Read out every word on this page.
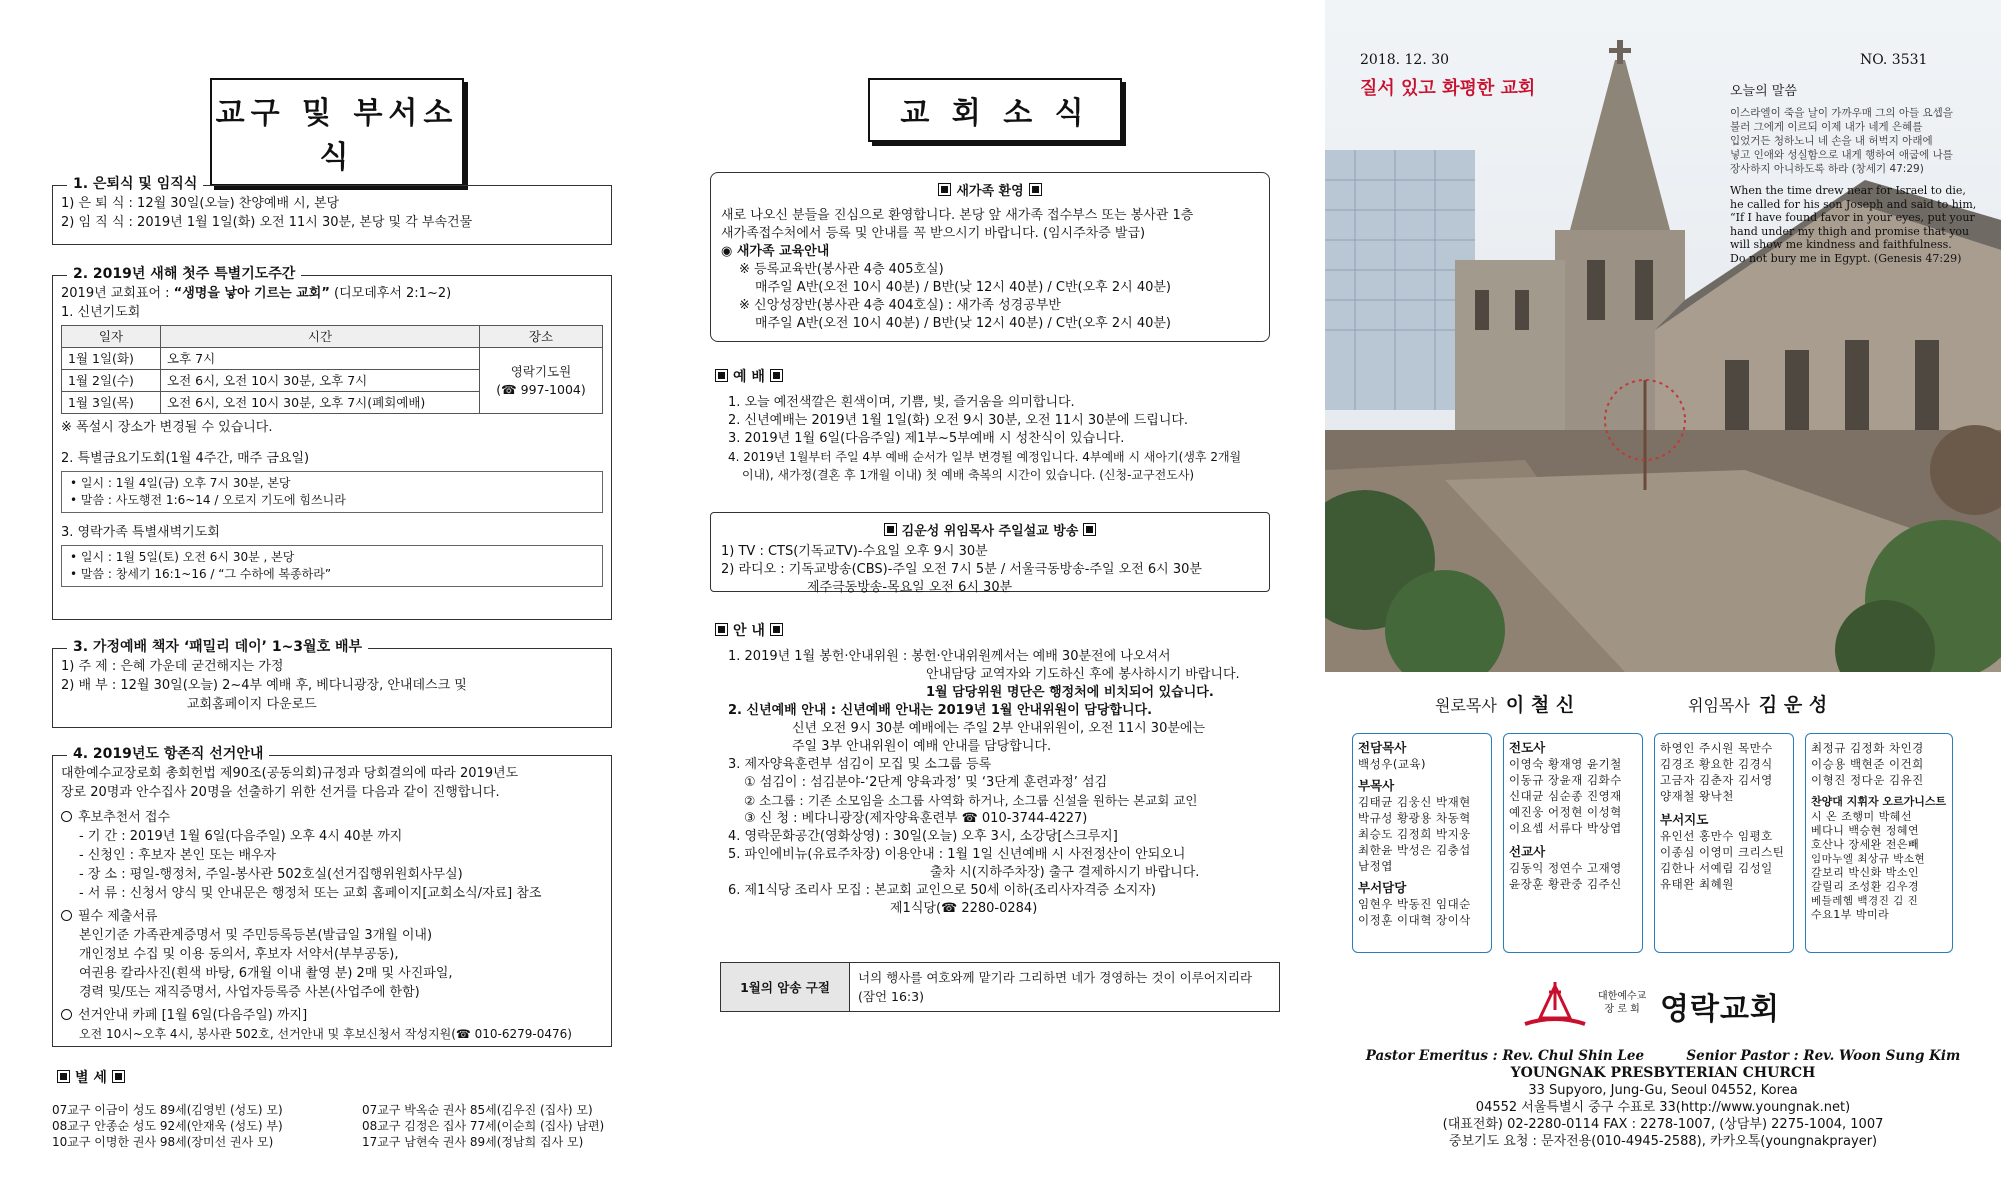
교구 및 부서소식
1. 은퇴식 및 임직식
1) 은 퇴 식 : 12월 30일(오늘) 찬양예배 시, 본당
2) 임 직 식 : 2019년 1월 1일(화) 오전 11시 30분, 본당 및 각 부속건물
2. 2019년 새해 첫주 특별기도주간
2019년 교회표어 : “생명을 낳아 기르는 교회” (디모데후서 2:1~2)
1. 신년기도회
일자	시간	장소
1월 1일(화)	오후 7시	영락기도원
(☎ 997-1004)

1월 2일(수)	오전 6시, 오전 10시 30분, 오후 7시	
1월 3일(목)	오전 6시, 오전 10시 30분, 오후 7시(폐회예배)	
※ 폭설시 장소가 변경될 수 있습니다.
2. 특별금요기도회(1월 4주간, 매주 금요일)
• 일시 : 1월 4일(금) 오후 7시 30분, 본당
• 말씀 : 사도행전 1:6~14 / 오로지 기도에 힘쓰니라
3. 영락가족 특별새벽기도회
• 일시 : 1월 5일(토) 오전 6시 30분 , 본당
• 말씀 : 창세기 16:1~16 / “그 수하에 복종하라”
3. 가정예배 책자 ‘패밀리 데이’ 1~3월호 배부
1) 주 제 : 은혜 가운데 굳건해지는 가정
2) 배 부 : 12월 30일(오늘) 2~4부 예배 후, 베다니광장, 안내데스크 및
교회홈페이지 다운로드
4. 2019년도 항존직 선거안내
대한예수교장로회 총회헌법 제90조(공동의회)규정과 당회결의에 따라 2019년도
장로 20명과 안수집사 20명을 선출하기 위한 선거를 다음과 같이 진행합니다.
후보추천서 접수
- 기 간 : 2019년 1월 6일(다음주일) 오후 4시 40분 까지
- 신청인 : 후보자 본인 또는 배우자
- 장 소 : 평일-행정처, 주일-봉사관 502호실(선거집행위원회사무실)
- 서 류 : 신청서 양식 및 안내문은 행정처 또는 교회 홈페이지[교회소식/자료] 참조
필수 제출서류
본인기준 가족관계증명서 및 주민등록등본(발급일 3개월 이내)
개인정보 수집 및 이용 동의서, 후보자 서약서(부부공동),
여권용 칼라사진(흰색 바탕, 6개월 이내 촬영 분) 2매 및 사진파일,
경력 및/또는 재직증명서, 사업자등록증 사본(사업주에 한함)
선거안내 카페 [1월 6일(다음주일) 까지]
오전 10시~오후 4시, 봉사관 502호, 선거안내 및 후보신청서 작성지원(☎ 010-6279-0476)
별 세
07교구 이금이 성도 89세(김영빈 (성도) 모)
08교구 안종순 성도 92세(안재욱 (성도) 부)
10교구 이명한 권사 98세(장미선 권사 모)
07교구 박옥순 권사 85세(김우진 (집사) 모)
08교구 김정은 집사 77세(이순희 (집사) 남편)
17교구 남현숙 권사 89세(정남희 집사 모)
교 회 소 식
새가족 환영
새로 나오신 분들을 진심으로 환영합니다. 본당 앞 새가족 접수부스 또는 봉사관 1층
새가족접수처에서 등록 및 안내를 꼭 받으시기 바랍니다. (임시주차증 발급)
◉ 새가족 교육안내
※ 등록교육반(봉사관 4층 405호실)
매주일 A반(오전 10시 40분) / B반(낮 12시 40분) / C반(오후 2시 40분)
※ 신앙성장반(봉사관 4층 404호실) : 새가족 성경공부반
매주일 A반(오전 10시 40분) / B반(낮 12시 40분) / C반(오후 2시 40분)
예 배
1. 오늘 예전색깔은 흰색이며, 기쁨, 빛, 즐거움을 의미합니다.
2. 신년예배는 2019년 1월 1일(화) 오전 9시 30분, 오전 11시 30분에 드립니다.
3. 2019년 1월 6일(다음주일) 제1부~5부예배 시 성찬식이 있습니다.
4. 2019년 1월부터 주일 4부 예배 순서가 일부 변경될 예정입니다. 4부예배 시 새아기(생후 2개월
이내), 새가정(결혼 후 1개월 이내) 첫 예배 축복의 시간이 있습니다. (신청-교구전도사)
김운성 위임목사 주일설교 방송
1) TV : CTS(기독교TV)-수요일 오후 9시 30분
2) 라디오 : 기독교방송(CBS)-주일 오전 7시 5분 / 서울극동방송-주일 오전 6시 30분
제주극동방송-목요일 오전 6시 30분
안 내
1. 2019년 1월 봉헌·안내위원 : 봉헌·안내위원께서는 예배 30분전에 나오셔서
안내담당 교역자와 기도하신 후에 봉사하시기 바랍니다.
1월 담당위원 명단은 행정처에 비치되어 있습니다.
2. 신년예배 안내 : 신년예배 안내는 2019년 1월 안내위원이 담당합니다.
신년 오전 9시 30분 예배에는 주일 2부 안내위원이, 오전 11시 30분에는
주일 3부 안내위원이 예배 안내를 담당합니다.
3. 제자양육훈련부 섬김이 모집 및 소그룹 등록
① 섬김이 : 섬김분야-‘2단계 양육과정’ 및 ‘3단계 훈련과정’ 섬김
② 소그룹 : 기존 소모임을 소그룹 사역화 하거나, 소그룹 신설을 원하는 본교회 교인
③ 신 청 : 베다니광장(제자양육훈련부 ☎ 010-3744-4227)
4. 영락문화공간(영화상영) : 30일(오늘) 오후 3시, 소강당[스크루지]
5. 파인에비뉴(유료주차장) 이용안내 : 1월 1일 신년예배 시 사전정산이 안되오니
출차 시(지하주차장) 출구 결제하시기 바랍니다.
6. 제1식당 조리사 모집 : 본교회 교인으로 50세 이하(조리사자격증 소지자)
제1식당(☎ 2280-0284)
1월의 암송 구절
너의 행사를 여호와께 맡기라 그리하면 네가 경영하는 것이 이루어지리라
(잠언 16:3)
2018. 12. 30	NO. 3531
질서 있고 화평한 교회	오늘의 말씀
이스라엘이 죽을 날이 가까우매 그의 아들 요셉을
불러 그에게 이르되 이제 내가 네게 은혜를
입었거든 청하노니 네 손을 내 허벅지 아래에
넣고 인애와 성실함으로 내게 행하여 애굽에 나를
장사하지 아니하도록 하라 (창세기 47:29)
When the time drew near for Israel to die,
he called for his son Joseph and said to him,
“If I have found favor in your eyes, put your
hand under my thigh and promise that you
will show me kindness and faithfulness.
Do not bury me in Egypt. (Genesis 47:29)
원로목사 이 철 신	위임목사 김 운 성
전담목사
백성우(교육)
부목사
김태균 김웅신 박재현
박규성 황광용 차동혁
최승도 김정희 박지웅
최한윤 박성은 김충섭
남정엽
부서담당
임현우 박동진 임대순
이정훈 이대혁 장이삭
전도사
이영숙 황재영 윤기철
이동규 장윤재 김화수
신대균 심순종 진영재
예진웅 어정현 이성혁
이요셉 서류다 박상엽
선교사
김동익 정연수 고재영
윤장훈 황관중 김주신
하영인 주시원 목만수
김경조 황요한 김경식
고금자 김춘자 김서영
양재철 왕낙천
부서지도
유인선 홍만수 임평호
이종심 이영미 크리스틴
김한나 서예림 김성일
유태완 최혜원
최정규 김정화 차인경
이승용 백현준 이건희
이형진 정다운 김유진
찬양대 지휘자 오르가니스트
시 온 조행미 박혜선
베다니 백승현 정혜연
호산나 장세완 전은빼
임마누엘 최상규 박소현
갈보리 박신화 박소인
갈릴리 조성환 김우경
베들레헴 백경진 김 진
수요1부 박미라
대한예수교
장 로 회 영락교회
Pastor Emeritus : Rev. Chul Shin Lee         Senior Pastor : Rev. Woon Sung Kim
YOUNGNAK PRESBYTERIAN CHURCH
33 Supyoro, Jung-Gu, Seoul 04552, Korea
04552 서울특별시 중구 수표로 33(http://www.youngnak.net)
(대표전화) 02-2280-0114 FAX : 2278-1007, (상담부) 2275-1004, 1007
중보기도 요청 : 문자전용(010-4945-2588), 카카오톡(youngnakprayer)
